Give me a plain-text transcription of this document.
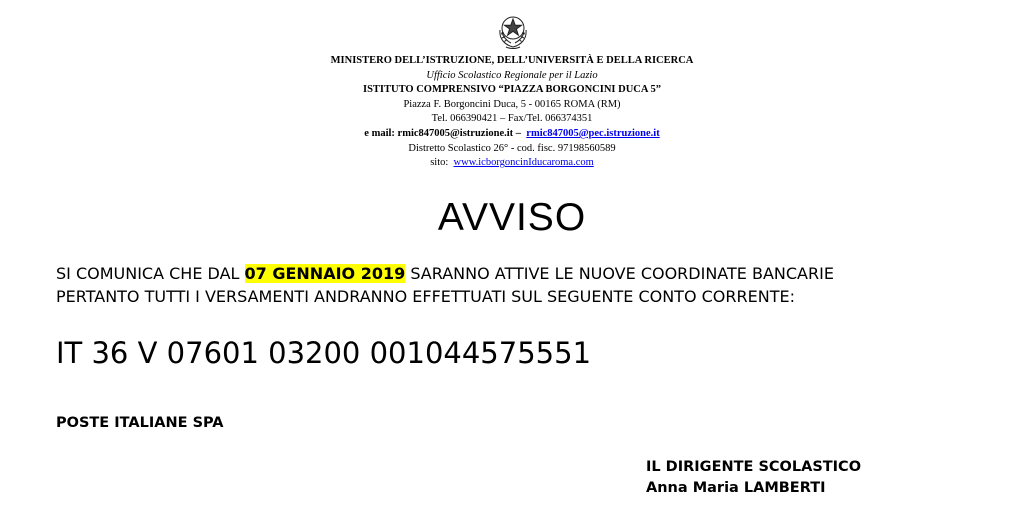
MINISTERO DELL’ISTRUZIONE, DELL’UNIVERSITÀ E DELLA RICERCA
Ufficio Scolastico Regionale per il Lazio
ISTITUTO COMPRENSIVO “PIAZZA BORGONCINI DUCA 5”
Piazza F. Borgoncini Duca, 5 - 00165 ROMA (RM)
Tel. 066390421 – Fax/Tel. 066374351
e mail: rmic847005@istruzione.it – rmic847005@pec.istruzione.it
Distretto Scolastico 26° - cod. fisc. 97198560589
sito: www.icborgoncinIducaroma.com
AVVISO
SI COMUNICA CHE DAL 07 GENNAIO 2019 SARANNO ATTIVE LE NUOVE COORDINATE BANCARIE
PERTANTO TUTTI I VERSAMENTI ANDRANNO EFFETTUATI SUL SEGUENTE CONTO CORRENTE:
IT 36 V 07601 03200 001044575551
POSTE ITALIANE SPA
IL DIRIGENTE SCOLASTICO
Anna Maria LAMBERTI
